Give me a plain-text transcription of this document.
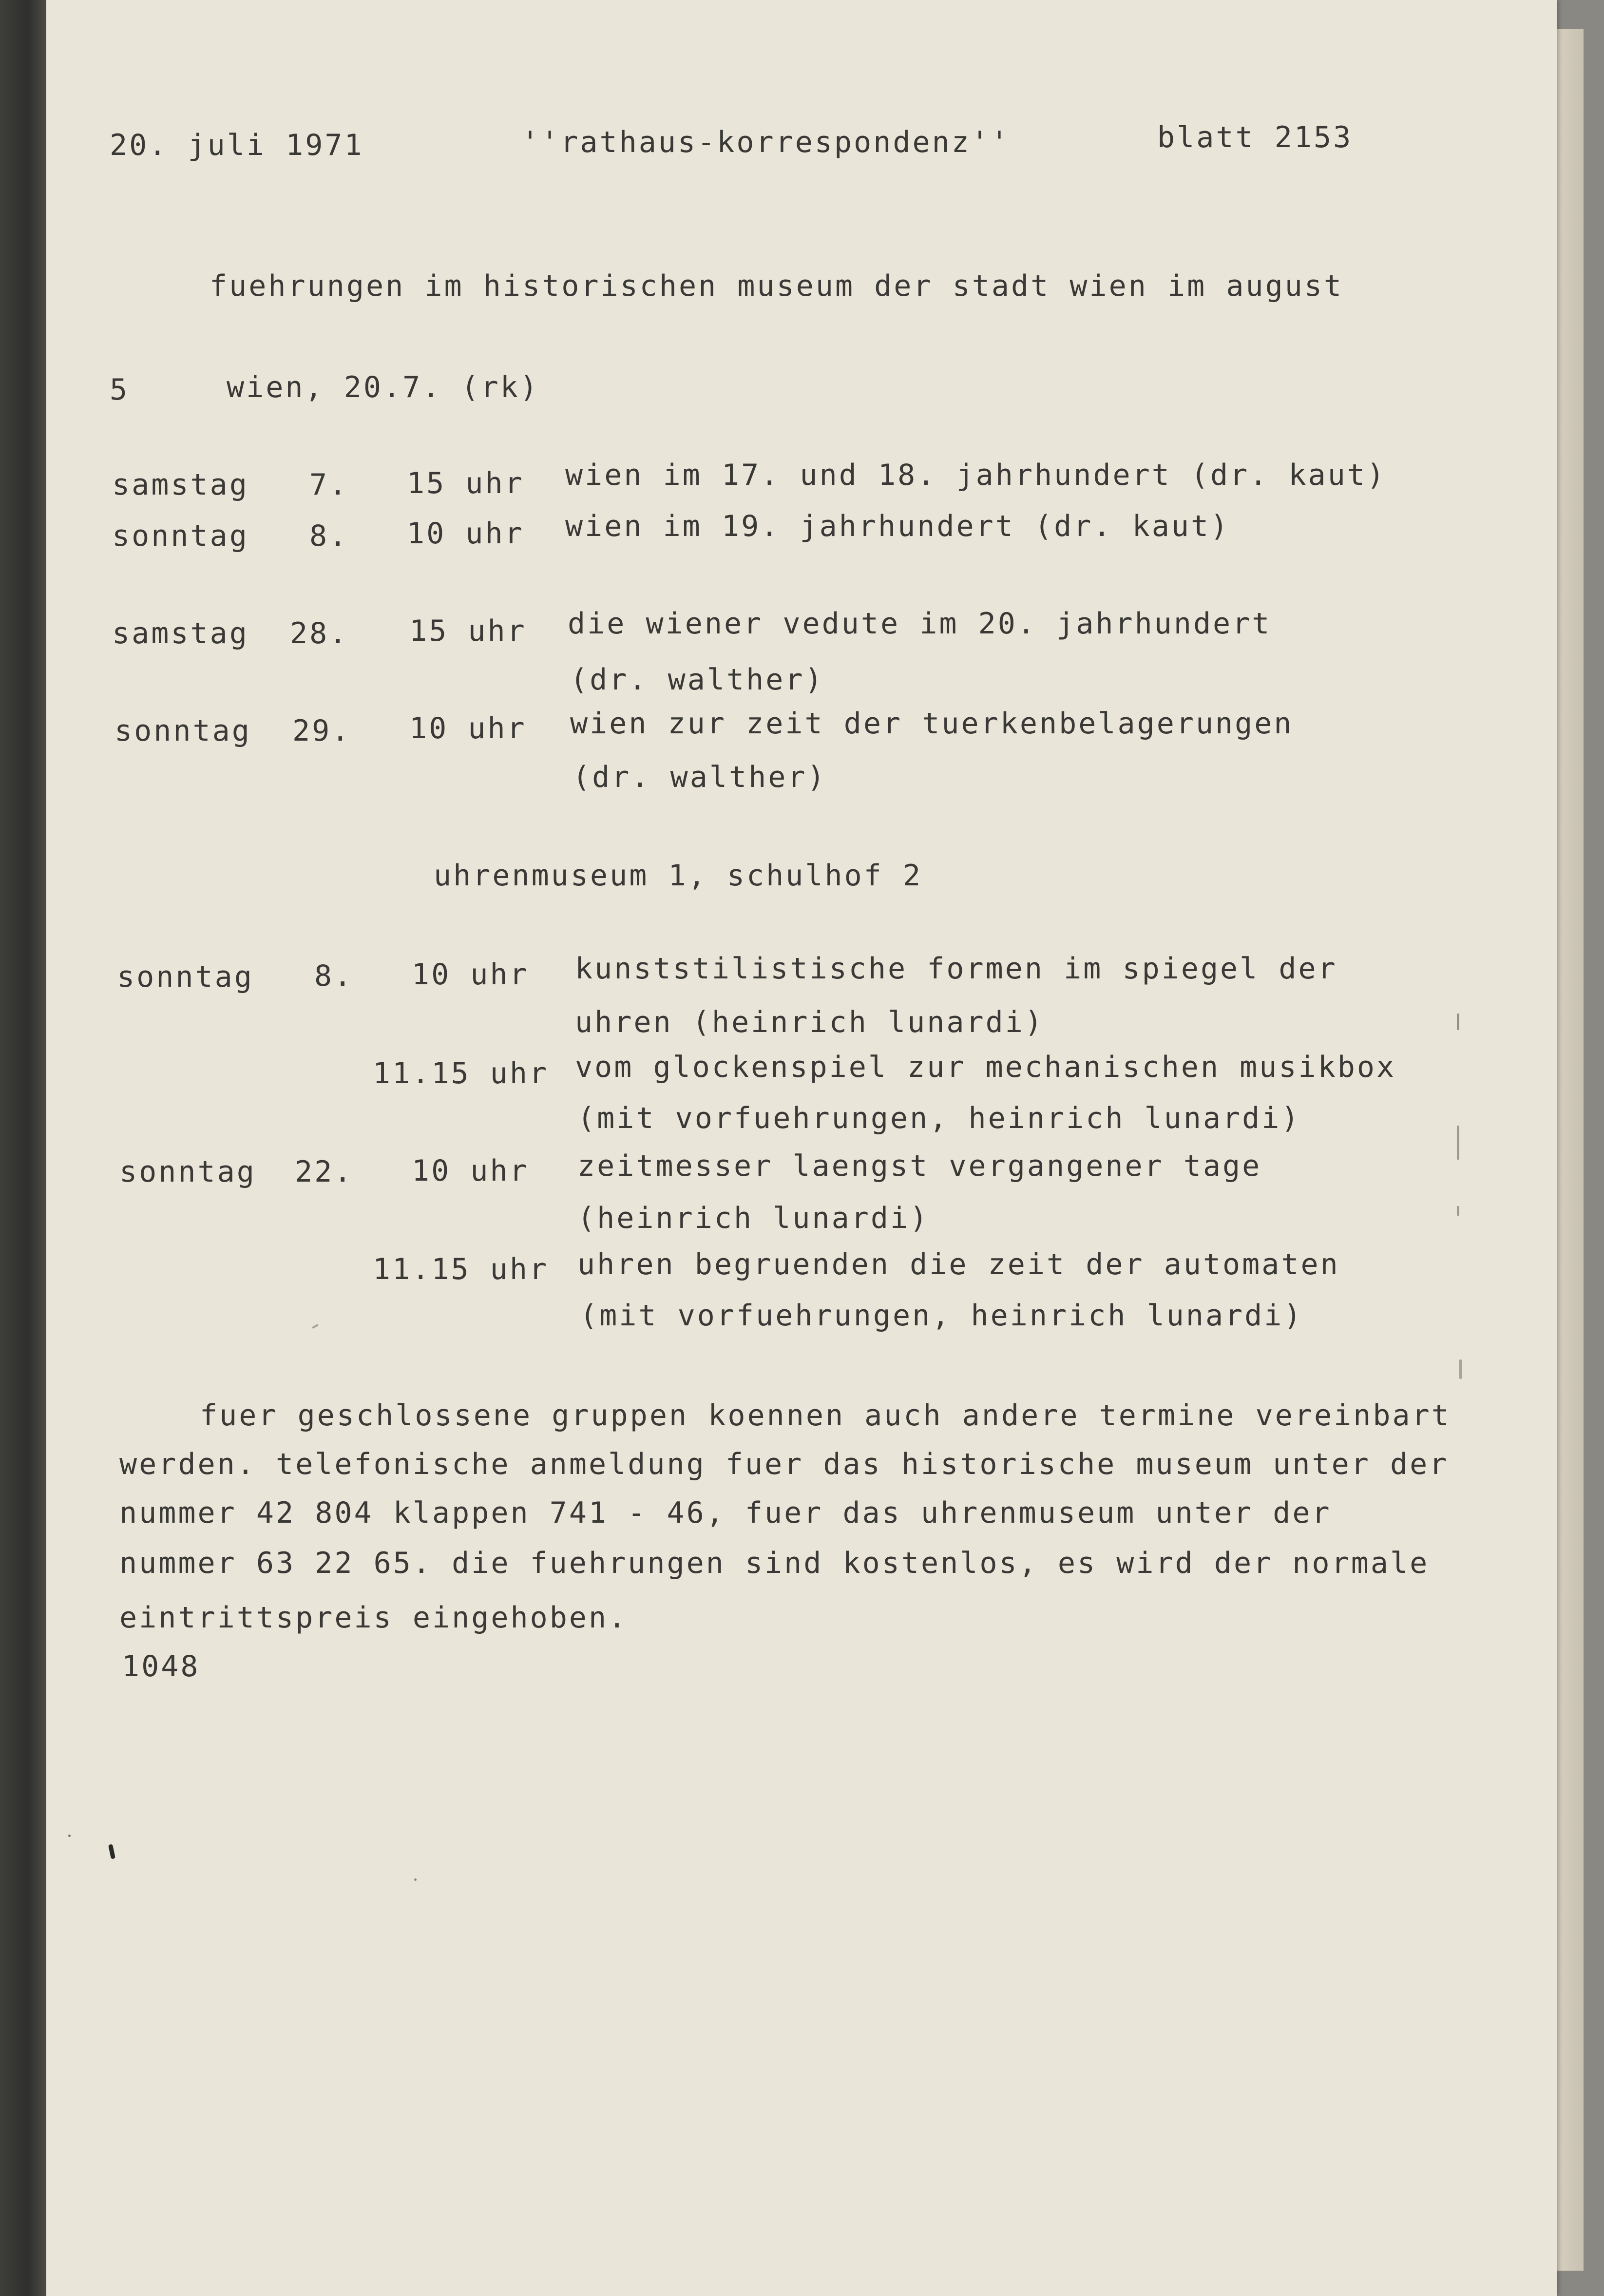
20. juli 1971	''rathaus-korrespondenz''	blatt 2153

fuehrungen im historischen museum der stadt wien im august

5	wien, 20.7. (rk)

samstag 7. 15 uhr wien im 17. und 18. jahrhundert (dr. kaut)

sonntag 8. 10 uhr wien im 19. jahrhundert (dr. kaut)

samstag 28. 15 uhr die wiener vedute im 20. jahrhundert

(dr. walther)

sonntag 29. 10 uhr wien zur zeit der tuerkenbelagerungen

(dr. walther)

uhrenmuseum 1, schulhof 2

sonntag 8. 10 uhr kunststilistische formen im spiegel der

uhren (heinrich lunardi)

11.15 uhr vom glockenspiel zur mechanischen musikbox

(mit vorfuehrungen, heinrich lunardi)

sonntag 22. 10 uhr zeitmesser laengst vergangener tage

(heinrich lunardi)

11.15 uhr uhren begruenden die zeit der automaten

(mit vorfuehrungen, heinrich lunardi)

fuer geschlossene gruppen koennen auch andere termine vereinbart

werden. telefonische anmeldung fuer das historische museum unter der

nummer 42 804 klappen 741 - 46, fuer das uhrenmuseum unter der

nummer 63 22 65. die fuehrungen sind kostenlos, es wird der normale

eintrittspreis eingehoben.

1048
